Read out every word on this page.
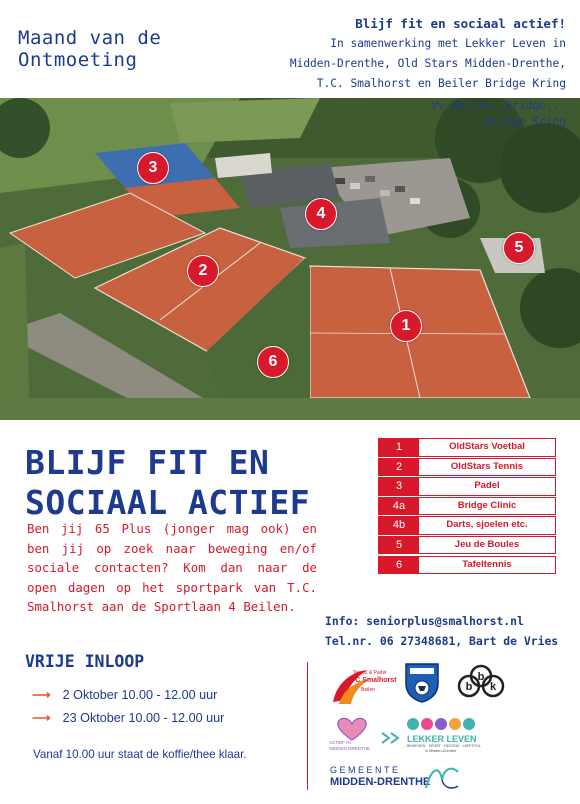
Maand van de
Ontmoeting
Blijf fit en sociaal actief!
In samenwerking met Lekker Leven in
Midden-Drenthe, Old Stars Midden-Drenthe,
T.C. Smalhorst en Beiler Bridge Kring
1
2
3
4
5
6
Vv Beilen, Bridge...
Bridge Kring
BLIJF FIT EN
SOCIAAL ACTIEF
Ben jij 65 Plus (jonger mag ook) en ben jij op zoek naar beweging en/of sociale contacten? Kom dan naar de open dagen op het sportpark van T.C. Smalhorst aan de Sportlaan 4 Beilen.
1	OldStars Voetbal
2	OldStars Tennis
3	Padel
4a	Bridge Clinic
4b	Darts, sjoelen etc.
5	Jeu de Boules
6	Tafeltennis
Info: seniorplus@smalhorst.nl
Tel.nr. 06 27348681, Bart de Vries
VRIJE INLOOP
⟶ 2 Oktober 10.00 - 12.00 uur
⟶ 23 Oktober 10.00 - 12.00 uur
Vanaf 10.00 uur staat de koffie/thee klaar.
Tennis & Padel
TC Smalhorst
Beilen	b
b
k
ACTIEF IN
MIDDEN-DRENTHE
LEKKER LEVEN
BEWEGEN · SPORT · GEZOND · LEEFSTIJL
in Midden-Drenthe
GEMEENTE
MIDDEN-DRENTHE
